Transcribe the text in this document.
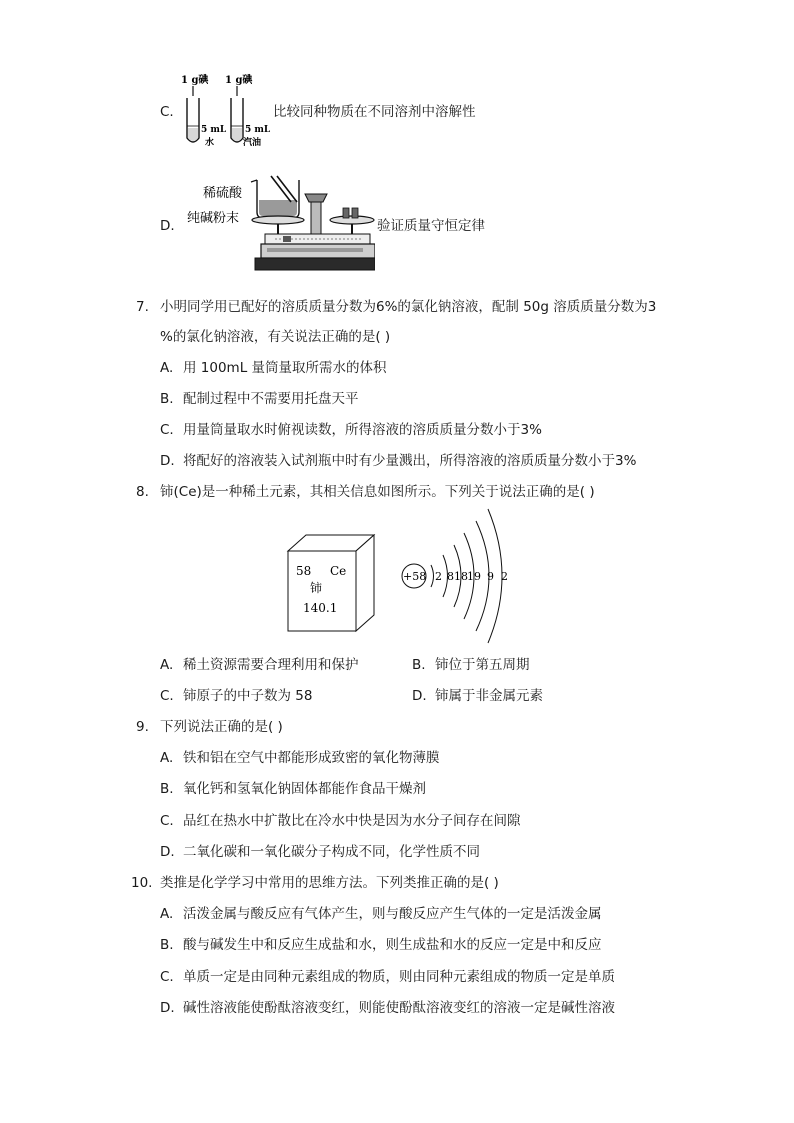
C.
1 g碘
5 mL
水
1 g碘
5 mL
汽油
比较同种物质在不同溶剂中溶解性
D.
稀硫酸
纯碱粉末	验证质量守恒定律
7. 小明同学用已配好的溶质质量分数为6%的氯化钠溶液，配制 50g 溶质质量分数为3
%的氯化钠溶液，有关说法正确的是( )
A. 用 100mL 量筒量取所需水的体积
B. 配制过程中不需要用托盘天平
C. 用量筒量取水时俯视读数，所得溶液的溶质质量分数小于3%
D. 将配好的溶液装入试剂瓶中时有少量溅出，所得溶液的溶质质量分数小于3%
8. 铈(Ce)是一种稀土元素，其相关信息如图所示。下列关于说法正确的是( )
58 Ce
铈
140.1
+58 2 8 18 19 9 2
A. 稀土资源需要合理利用和保护	B. 铈位于第五周期
C. 铈原子的中子数为 58	D. 铈属于非金属元素
9. 下列说法正确的是( )
A. 铁和铝在空气中都能形成致密的氧化物薄膜
B. 氧化钙和氢氧化钠固体都能作食品干燥剂
C. 品红在热水中扩散比在冷水中快是因为水分子间存在间隙
D. 二氧化碳和一氧化碳分子构成不同，化学性质不同
10. 类推是化学学习中常用的思维方法。下列类推正确的是( )
A. 活泼金属与酸反应有气体产生，则与酸反应产生气体的一定是活泼金属
B. 酸与碱发生中和反应生成盐和水，则生成盐和水的反应一定是中和反应
C. 单质一定是由同种元素组成的物质，则由同种元素组成的物质一定是单质
D. 碱性溶液能使酚酞溶液变红，则能使酚酞溶液变红的溶液一定是碱性溶液
